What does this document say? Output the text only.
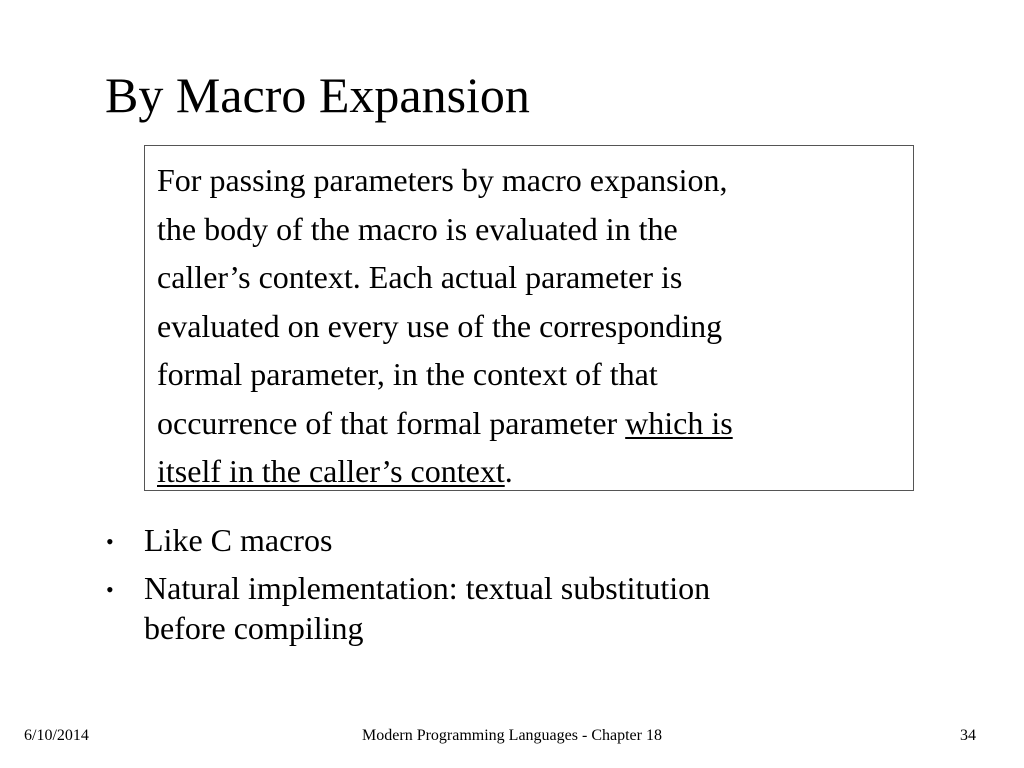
By Macro Expansion
For passing parameters by macro expansion,
the body of the macro is evaluated in the
caller’s context. Each actual parameter is
evaluated on every use of the corresponding
formal parameter, in the context of that
occurrence of that formal parameter which is
itself in the caller’s context.
• Like C macros
• Natural implementation: textual substitution
before compiling
6/10/2014	Modern Programming Languages - Chapter 18	34
